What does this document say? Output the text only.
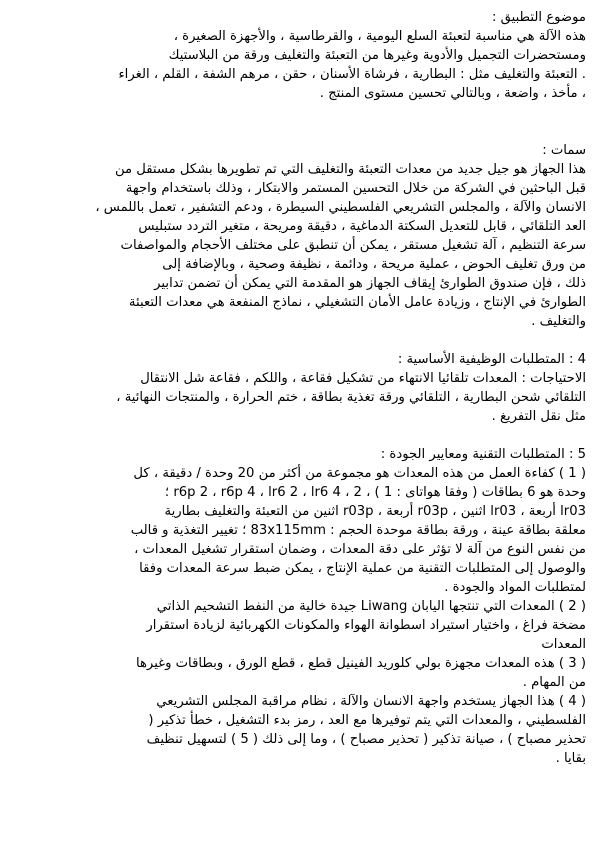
موضوع التطبيق :
هذه الآلة هي مناسبة لتعبئة السلع اليومية ، والقرطاسية ، والأجهزة الصغيرة ،
ومستحضرات التجميل والأدوية وغيرها من التعبئة والتغليف ورقة من البلاستيك
. التعبئة والتغليف مثل : البطارية ، فرشاة الأسنان ، حقن ، مرهم الشفة ، القلم ، الغراء
، مأخذ ، واضعة ، وبالتالي تحسين مستوى المنتج .
سمات :
هذا الجهاز هو جيل جديد من معدات التعبئة والتغليف التي تم تطويرها بشكل مستقل من
قبل الباحثين في الشركة من خلال التحسين المستمر والابتكار ، وذلك باستخدام واجهة
الانسان والآلة ، والمجلس التشريعي الفلسطيني السيطرة ، ودعم التشفير ، تعمل باللمس ،
العد التلقائي ، قابل للتعديل السكتة الدماغية ، دقيقة ومريحة ، متغير التردد ستبليس
سرعة التنظيم ، آلة تشغيل مستقر ، يمكن أن تنطبق على مختلف الأحجام والمواصفات
من ورق تغليف الحوض ، عملية مريحة ، ودائمة ، نظيفة وصحية ، وبالإضافة إلى
ذلك ، فإن صندوق الطوارئ إيقاف الجهاز هو المقدمة التي يمكن أن تضمن تدابير
الطوارئ في الإنتاج ، وزيادة عامل الأمان التشغيلي ، نماذج المنفعة هي معدات التعبئة
والتغليف .
4 : المتطلبات الوظيفية الأساسية :
الاحتياجات : المعدات تلقائيا الانتهاء من تشكيل فقاعة ، واللكم ، فقاعة شل الانتقال
التلقائي شحن البطارية ، التلقائي ورقة تغذية بطاقة ، ختم الحرارة ، والمنتجات النهائية ،
مثل نقل التفريغ .
5 : المتطلبات التقنية ومعايير الجودة :
( 1 ) كفاءة العمل من هذه المعدات هو مجموعة من أكثر من 20 وحدة / دقيقة ، كل
وحدة هو 6 بطاقات ( وفقا هواتاى : 1 ) ، r6p 2 ، r6p 4 ، lr6 2 ، lr6 4 ، 2 ؛
lr03 أربعة ، lr03 اثنين ، r03p أربعة ، r03p اثنين من التعبئة والتغليف بطارية
معلقة بطاقة عينة ، ورقة بطاقة موحدة الحجم : 83x115mm ؛ تغيير التغذية و قالب
من نفس النوع من آلة لا تؤثر على دقة المعدات ، وضمان استقرار تشغيل المعدات ،
والوصول إلى المتطلبات التقنية من عملية الإنتاج ، يمكن ضبط سرعة المعدات وفقا
لمتطلبات المواد والجودة .
( 2 ) المعدات التي تنتجها اليابان Liwang جيدة خالية من النفط التشحيم الذاتي
مضخة فراغ ، واختيار استيراد اسطوانة الهواء والمكونات الكهربائية لزيادة استقرار
المعدات
( 3 ) هذه المعدات مجهزة بولي كلوريد الفينيل قطع ، قطع الورق ، وبطاقات وغيرها
من المهام .
( 4 ) هذا الجهاز يستخدم واجهة الانسان والآلة ، نظام مراقبة المجلس التشريعي
الفلسطيني ، والمعدات التي يتم توفيرها مع العد ، رمز بدء التشغيل ، خطأ تذكير (
تحذير مصباح ) ، صيانة تذكير ( تحذير مصباح ) ، وما إلى ذلك ( 5 ) لتسهيل تنظيف
بقايا .
